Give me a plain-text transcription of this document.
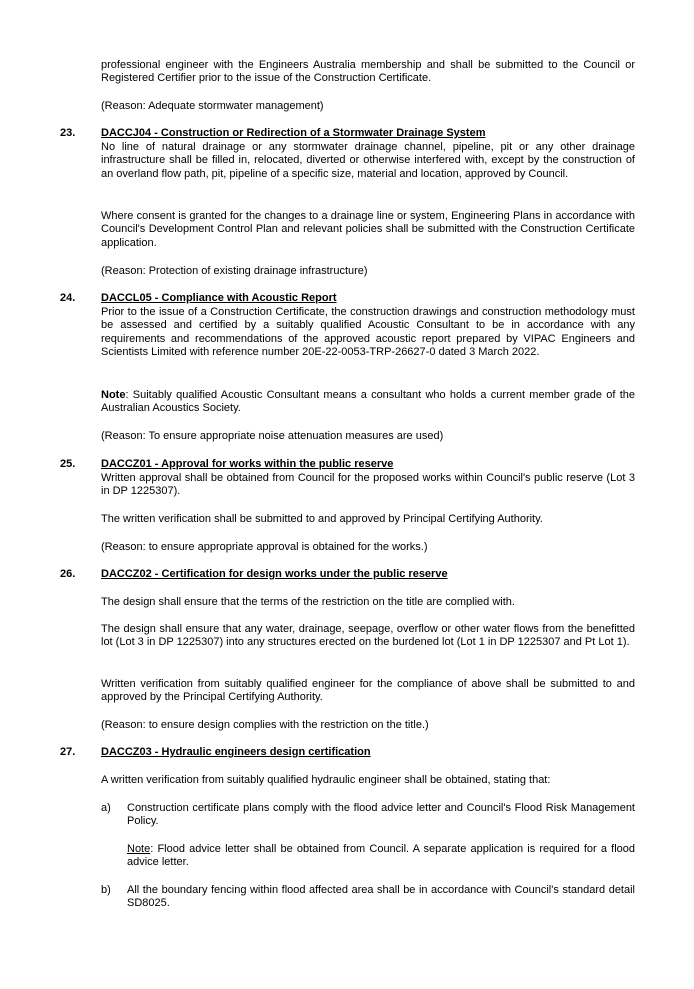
professional engineer with the Engineers Australia membership and shall be submitted to the Council or Registered Certifier prior to the issue of the Construction Certificate.

(Reason: Adequate stormwater management)

23. DACCJ04 - Construction or Redirection of a Stormwater Drainage System

No line of natural drainage or any stormwater drainage channel, pipeline, pit or any other drainage infrastructure shall be filled in, relocated, diverted or otherwise interfered with, except by the construction of an overland flow path, pit, pipeline of a specific size, material and location, approved by Council.

Where consent is granted for the changes to a drainage line or system, Engineering Plans in accordance with Council's Development Control Plan and relevant policies shall be submitted with the Construction Certificate application.

(Reason: Protection of existing drainage infrastructure)

24. DACCL05 - Compliance with Acoustic Report

Prior to the issue of a Construction Certificate, the construction drawings and construction methodology must be assessed and certified by a suitably qualified Acoustic Consultant to be in accordance with any requirements and recommendations of the approved acoustic report prepared by VIPAC Engineers and Scientists Limited with reference number 20E-22-0053-TRP-26627-0 dated 3 March 2022.

Note: Suitably qualified Acoustic Consultant means a consultant who holds a current member grade of the Australian Acoustics Society.

(Reason: To ensure appropriate noise attenuation measures are used)

25. DACCZ01 - Approval for works within the public reserve

Written approval shall be obtained from Council for the proposed works within Council's public reserve (Lot 3 in DP 1225307).

The written verification shall be submitted to and approved by Principal Certifying Authority.

(Reason: to ensure appropriate approval is obtained for the works.)

26. DACCZ02 - Certification for design works under the public reserve

The design shall ensure that the terms of the restriction on the title are complied with.

The design shall ensure that any water, drainage, seepage, overflow or other water flows from the benefitted lot (Lot 3 in DP 1225307) into any structures erected on the burdened lot (Lot 1 in DP 1225307 and Pt Lot 1).

Written verification from suitably qualified engineer for the compliance of above shall be submitted to and approved by the Principal Certifying Authority.

(Reason: to ensure design complies with the restriction on the title.)

27. DACCZ03 - Hydraulic engineers design certification

A written verification from suitably qualified hydraulic engineer shall be obtained, stating that:

a) Construction certificate plans comply with the flood advice letter and Council's Flood Risk Management Policy.

Note: Flood advice letter shall be obtained from Council. A separate application is required for a flood advice letter.

b) All the boundary fencing within flood affected area shall be in accordance with Council's standard detail SD8025.
